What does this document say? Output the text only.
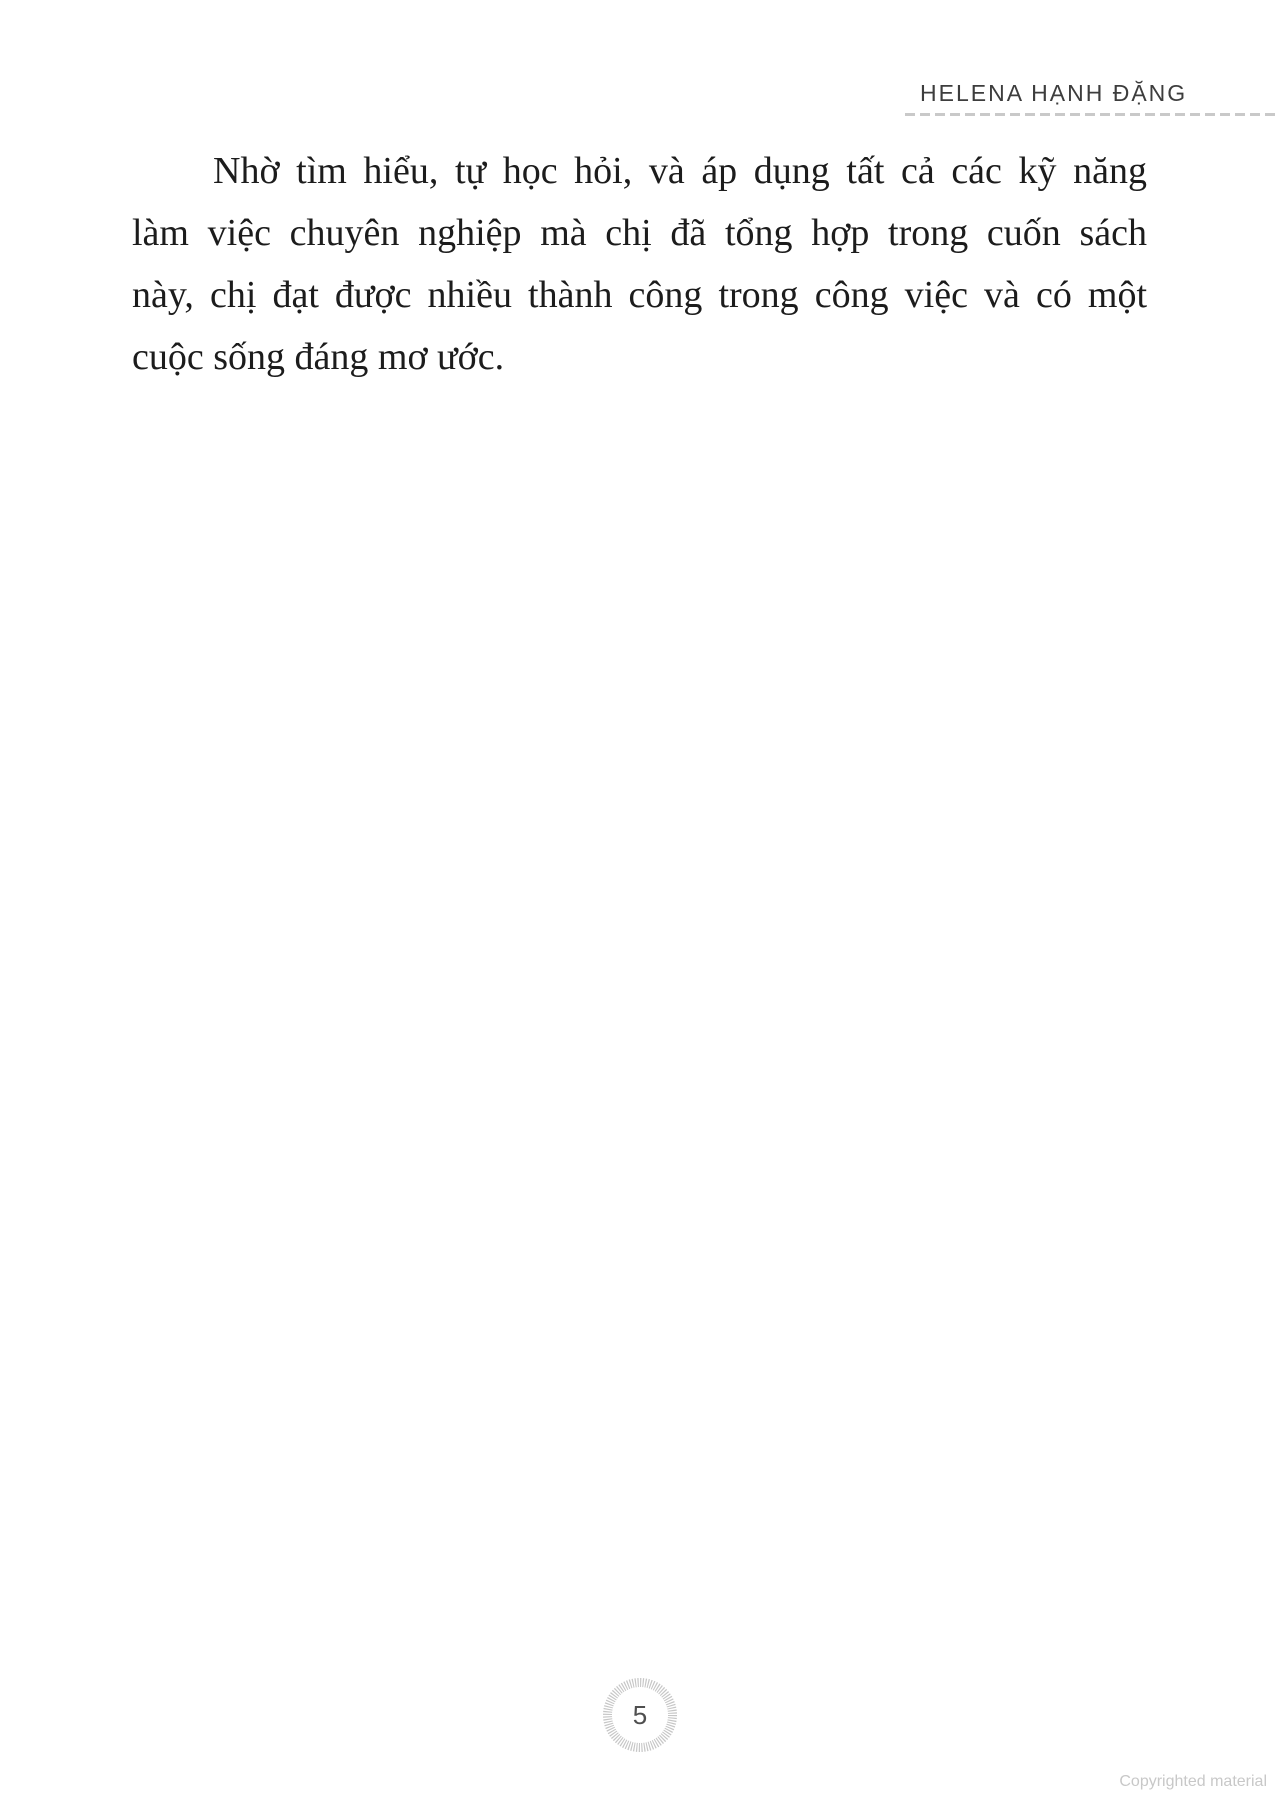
HELENA HẠNH ĐẶNG
Nhờ tìm hiểu, tự học hỏi, và áp dụng tất cả các kỹ năng
làm việc chuyên nghiệp mà chị đã tổng hợp trong cuốn sách
này, chị đạt được nhiều thành công trong công việc và có một
cuộc sống đáng mơ ước.
5
Copyrighted material
